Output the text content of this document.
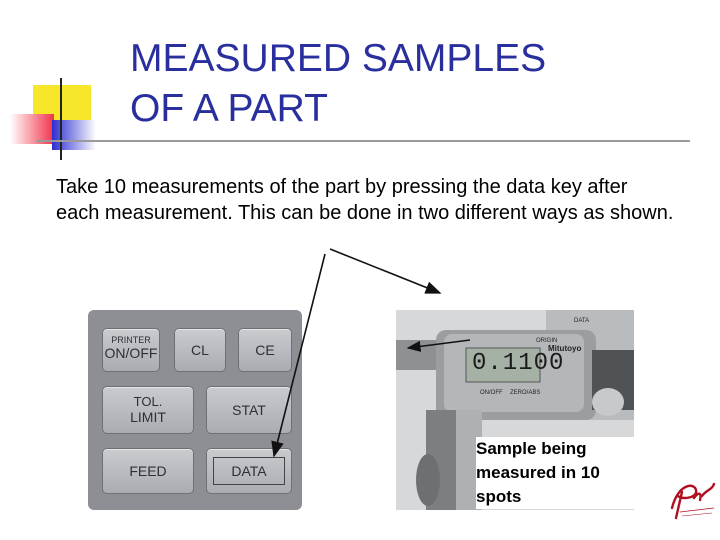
MEASURED SAMPLES
OF A PART

Take 10 measurements of the part by pressing the data key after each measurement. This can be done in two different ways as shown.

PRINTER
ON/OFF	CL	CE
TOL.
LIMIT	STAT
FEED	DATA
0.1100
Mitutoyo
ON/OFF ZERO/ABS
DATA
ORIGIN

Sample being measured in 10 spots
